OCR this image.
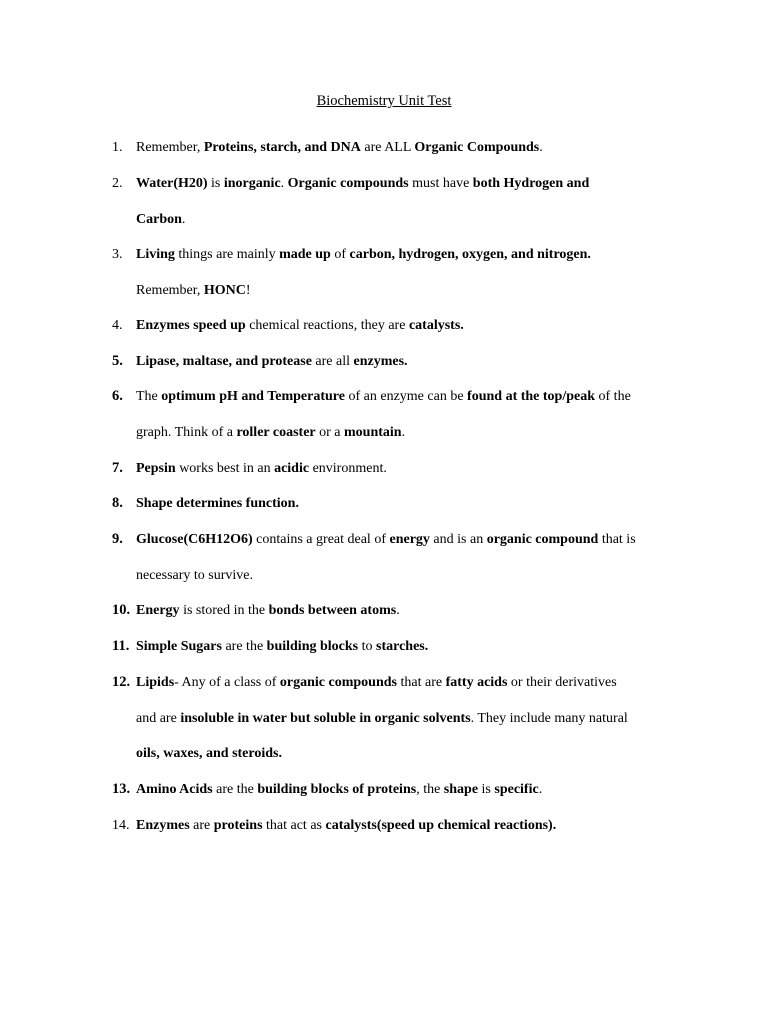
Biochemistry Unit Test
1. Remember, Proteins, starch, and DNA are ALL Organic Compounds.
2. Water(H20) is inorganic. Organic compounds must have both Hydrogen and
Carbon.
3. Living things are mainly made up of carbon, hydrogen, oxygen, and nitrogen.
Remember, HONC!
4. Enzymes speed up chemical reactions, they are catalysts.
5. Lipase, maltase, and protease are all enzymes.
6. The optimum pH and Temperature of an enzyme can be found at the top/peak of the
graph. Think of a roller coaster or a mountain.
7. Pepsin works best in an acidic environment.
8. Shape determines function.
9. Glucose(C6H12O6) contains a great deal of energy and is an organic compound that is
necessary to survive.
10. Energy is stored in the bonds between atoms.
11. Simple Sugars are the building blocks to starches.
12. Lipids- Any of a class of organic compounds that are fatty acids or their derivatives
and are insoluble in water but soluble in organic solvents. They include many natural
oils, waxes, and steroids.
13. Amino Acids are the building blocks of proteins, the shape is specific.
14. Enzymes are proteins that act as catalysts(speed up chemical reactions).
